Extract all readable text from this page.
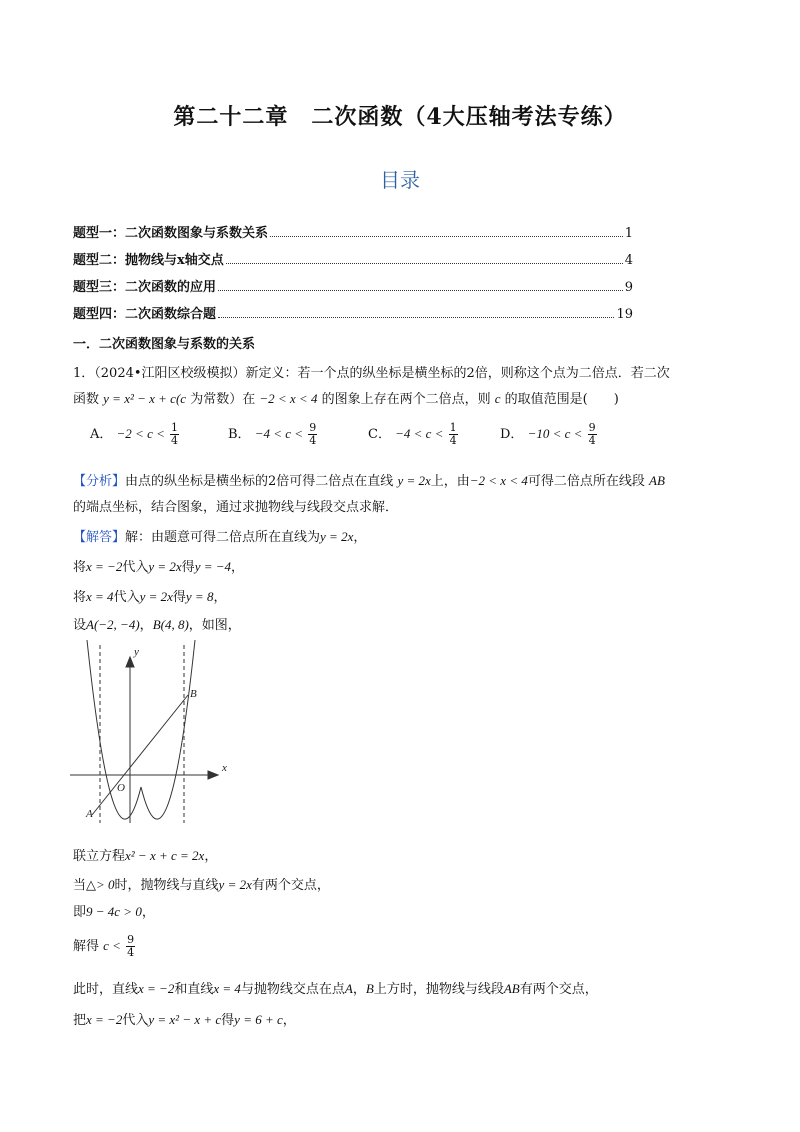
第二十二章　二次函数（4大压轴考法专练）
目录
题型一：二次函数图象与系数关系	1
题型二：抛物线与x轴交点	4
题型三：二次函数的应用	9
题型四：二次函数综合题	19
一．二次函数图象与系数的关系
1．（2024•江阳区校级模拟）新定义：若一个点的纵坐标是横坐标的2倍，则称这个点为二倍点．若二次
函数 y = x² − x + c(c 为常数）在 −2 < x < 4 的图象上存在两个二倍点，则 c 的取值范围是(　　)
A． $-2 < c < \frac{1}{4}$	B． $-4 < c < \frac{9}{4}$	C． $-4 < c < \frac{1}{4}$	D． $-10 < c < \frac{9}{4}$
【分析】由点的纵坐标是横坐标的2倍可得二倍点在直线 y = 2x上，由−2 < x < 4可得二倍点所在线段 AB
的端点坐标，结合图象，通过求抛物线与线段交点求解．
【解答】解：由题意可得二倍点所在直线为y = 2x，
将x = −2代入y = 2x得y = −4，
将x = 4代入y = 2x得y = 8，
设A(−2, −4)，B(4, 8)，如图，
x
y
O
A
B
联立方程x² − x + c = 2x，
当△> 0时，抛物线与直线y = 2x有两个交点，
即9 − 4c > 0，
解得 $c < \frac{9}{4}$
此时，直线x = −2和直线x = 4与抛物线交点在点A，B上方时，抛物线与线段AB有两个交点，
把x = −2代入y = x² − x + c得y = 6 + c，
